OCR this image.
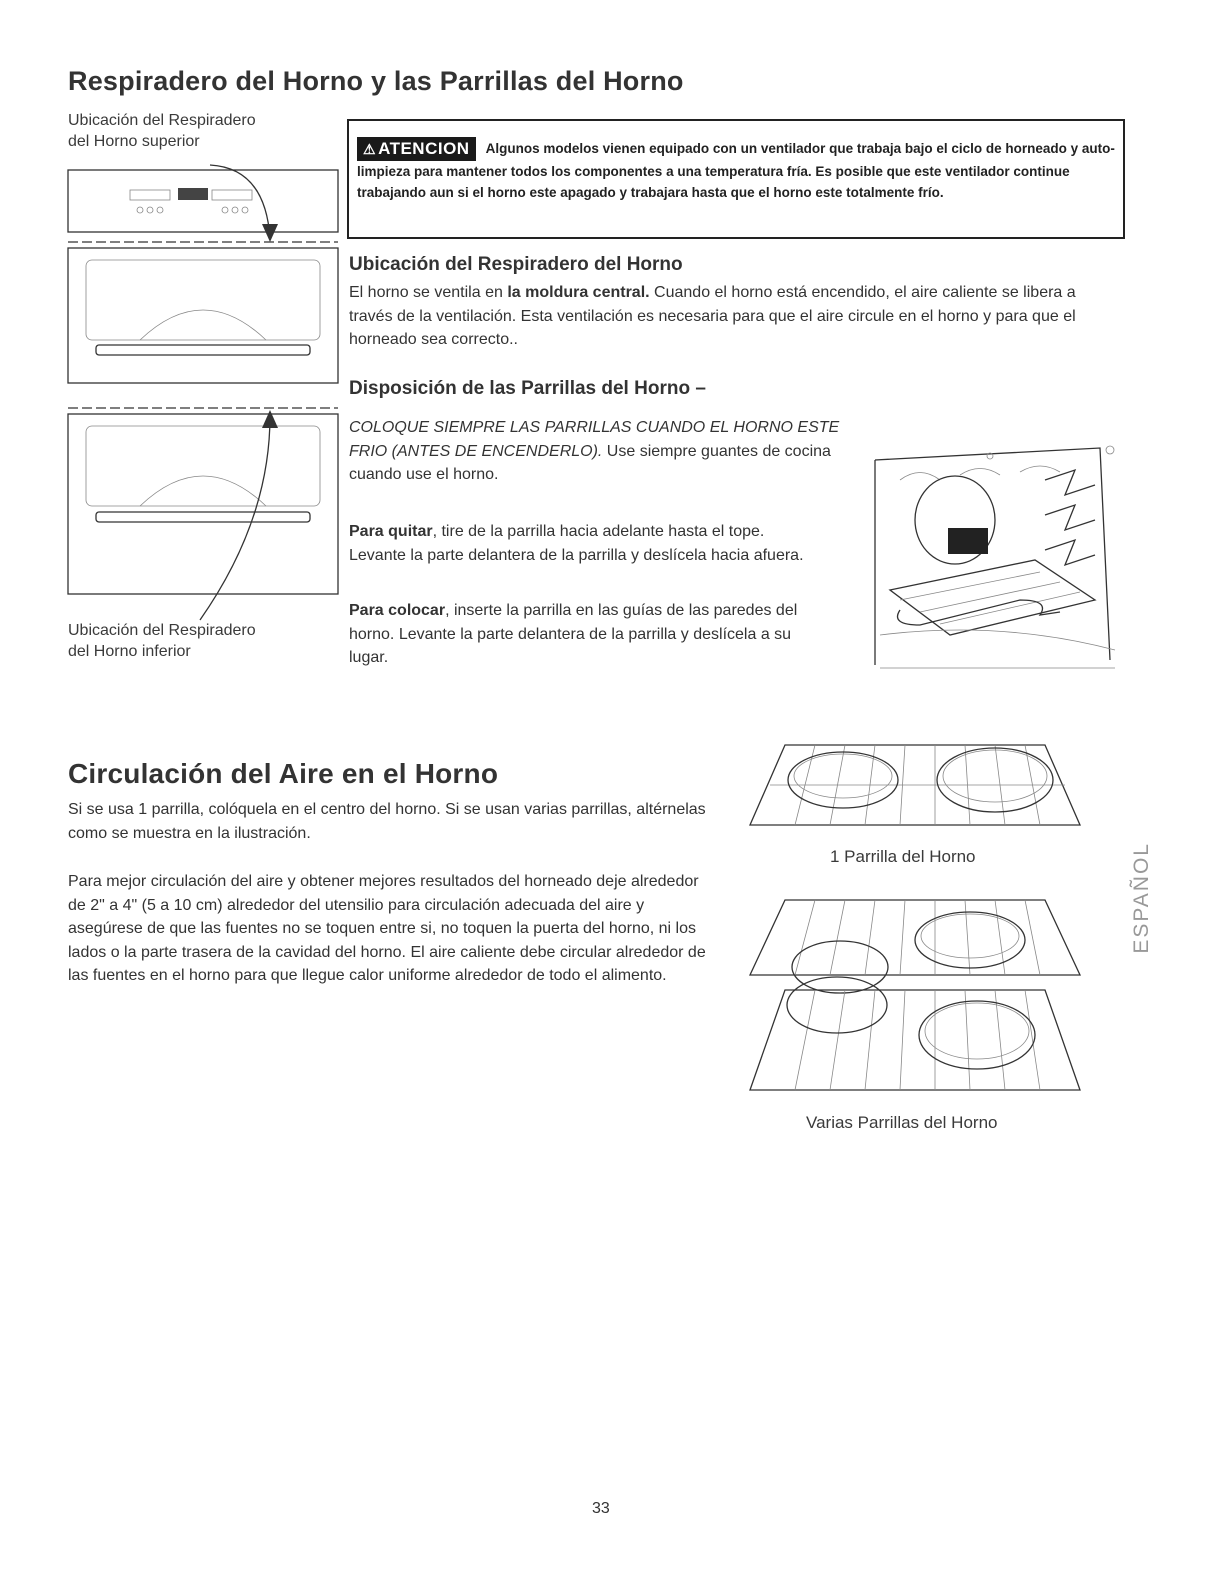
Respiradero del Horno y las Parrillas del Horno
Ubicación del Respiradero
del Horno superior
Ubicación del Respiradero
del Horno inferior
⚠ ATENCION Algunos modelos vienen equipado con un ventilador que trabaja bajo el ciclo de horneado y auto-limpieza para mantener todos los componentes a una temperatura fría. Es posible que este ventilador continue trabajando aun si el horno este apagado y trabajara hasta que el horno este totalmente frío.
Ubicación del Respiradero del Horno
El horno se ventila en la moldura central. Cuando el horno está encendido, el aire caliente se libera a través de la ventilación. Esta ventilación es necesaria para que el aire circule en el horno y para que el horneado sea correcto..
Disposición de las Parrillas del Horno –
COLOQUE SIEMPRE LAS PARRILLAS CUANDO EL HORNO ESTE FRIO (ANTES DE ENCENDERLO). Use siempre guantes de cocina cuando use el horno.
Para quitar, tire de la parrilla hacia adelante hasta el tope. Levante la parte delantera de la parrilla y deslícela hacia afuera.
Para colocar, inserte la parrilla en las guías de las paredes del horno. Levante la parte delantera de la parrilla y deslícela a su lugar.
Circulación del Aire en el Horno
Si se usa 1 parrilla, colóquela en el centro del horno. Si se usan varias parrillas, altérnelas como se muestra en la ilustración.
Para mejor circulación del aire y obtener mejores resultados del horneado deje alrededor de 2" a 4" (5 a 10 cm) alrededor del utensilio para circulación adecuada del aire y asegúrese de que las fuentes no se toquen entre si, no toquen la puerta del horno, ni los lados o la parte trasera de la cavidad del horno. El aire caliente debe circular alrededor de las fuentes en el horno para que llegue calor uniforme alrededor de todo el alimento.
1 Parrilla del Horno
Varias Parrillas del Horno
ESPAÑOL
33
